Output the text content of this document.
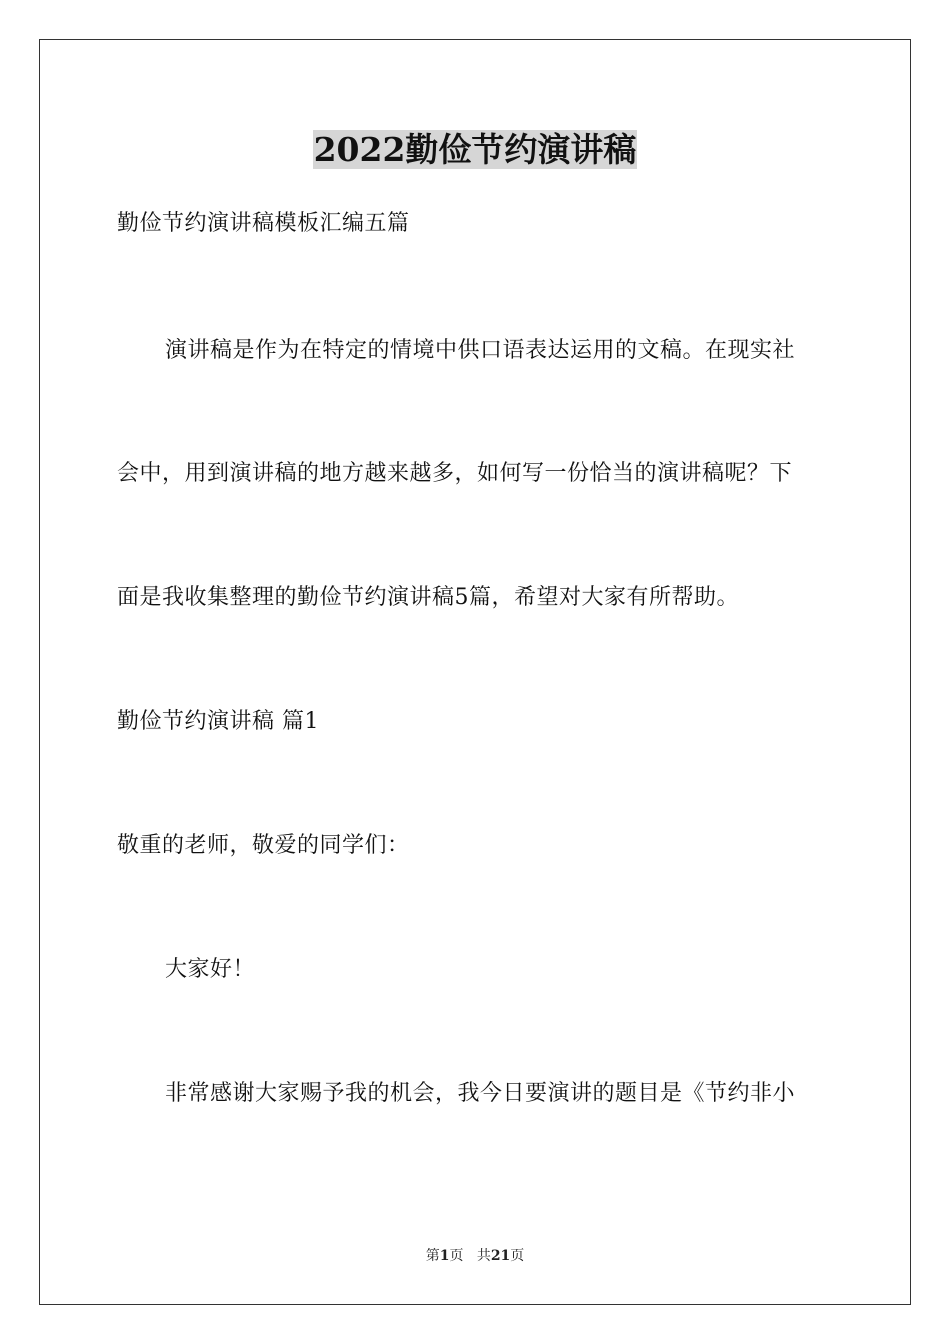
2022勤俭节约演讲稿
勤俭节约演讲稿模板汇编五篇
演讲稿是作为在特定的情境中供口语表达运用的文稿。在现实社
会中，用到演讲稿的地方越来越多，如何写一份恰当的演讲稿呢？下
面是我收集整理的勤俭节约演讲稿5篇，希望对大家有所帮助。
勤俭节约演讲稿 篇1
敬重的老师，敬爱的同学们：
大家好！
非常感谢大家赐予我的机会，我今日要演讲的题目是《节约非小
第1页 共21页
